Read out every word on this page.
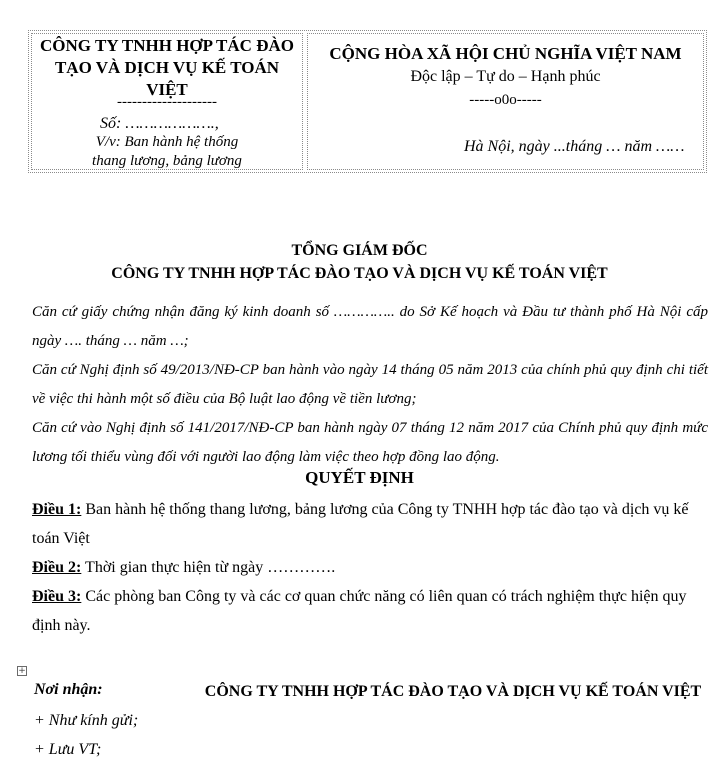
CÔNG TY TNHH HỢP TÁC ĐÀO
TẠO VÀ DỊCH VỤ KẾ TOÁN
VIỆT
--------------------
Số: ……………….,
V/v: Ban hành hệ thống
thang lương, bảng lương
CỘNG HÒA XÃ HỘI CHỦ NGHĨA VIỆT NAM
Độc lập – Tự do – Hạnh phúc
-----o0o-----
Hà Nội, ngày ...tháng … năm ……
TỔNG GIÁM ĐỐC
CÔNG TY TNHH HỢP TÁC ĐÀO TẠO VÀ DỊCH VỤ KẾ TOÁN VIỆT

Căn cứ giấy chứng nhận đăng ký kinh doanh số ………….. do Sở Kế hoạch và Đầu tư thành phố Hà Nội cấp ngày …. tháng … năm …;

Căn cứ Nghị định số 49/2013/NĐ-CP ban hành vào ngày 14 tháng 05 năm 2013 của chính phủ quy định chi tiết về việc thi hành một số điều của Bộ luật lao động về tiền lương;

Căn cứ vào Nghị định số 141/2017/NĐ-CP ban hành ngày 07 tháng 12 năm 2017 của Chính phủ quy định mức lương tối thiểu vùng đối với người lao động làm việc theo hợp đồng lao động.

QUYẾT ĐỊNH

Điều 1: Ban hành hệ thống thang lương, bảng lương của Công ty TNHH hợp tác đào tạo và dịch vụ kế toán Việt

Điều 2: Thời gian thực hiện từ ngày ………….

Điều 3: Các phòng ban Công ty và các cơ quan chức năng có liên quan có trách nghiệm thực hiện quy định này.

+
Nơi nhận:
+ Như kính gửi;
+ Lưu VT;
CÔNG TY TNHH HỢP TÁC ĐÀO TẠO VÀ DỊCH VỤ KẾ TOÁN VIỆT
